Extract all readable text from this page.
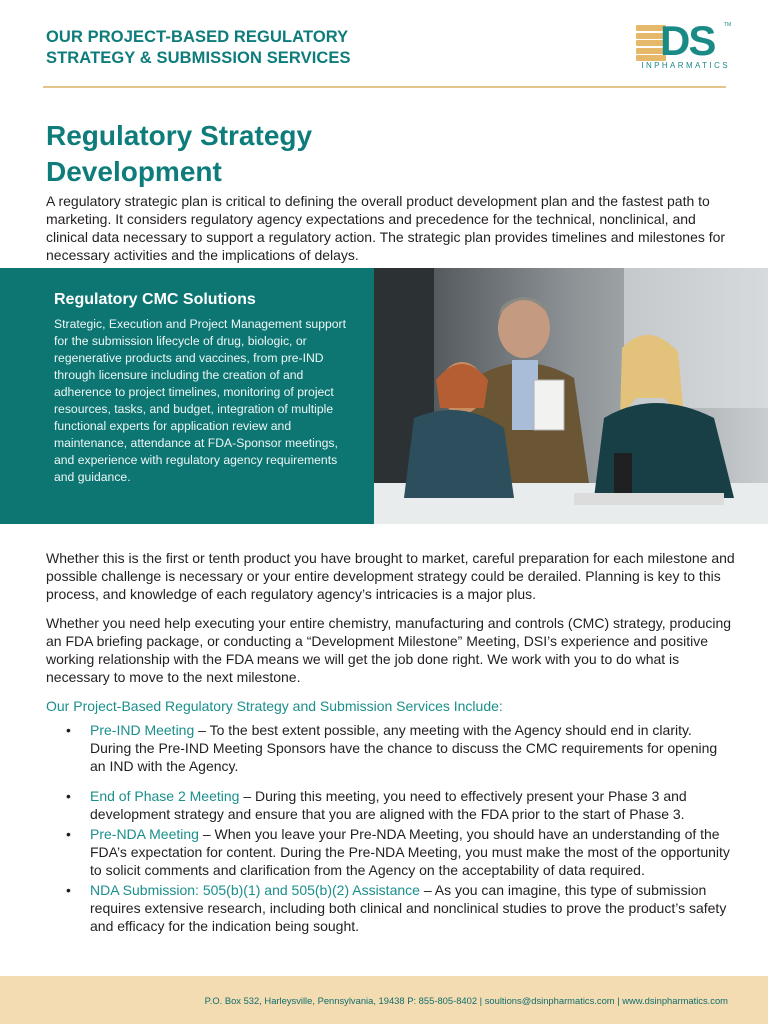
OUR PROJECT-BASED REGULATORY
STRATEGY & SUBMISSION SERVICES	DS TM
INPHARMATICS
Regulatory Strategy
Development

A regulatory strategic plan is critical to defining the overall product development plan and the fastest path to marketing. It considers regulatory agency expectations and precedence for the technical, nonclinical, and clinical data necessary to support a regulatory action. The strategic plan provides timelines and milestones for necessary activities and the implications of delays.

Regulatory CMC Solutions

Strategic, Execution and Project Management support for the submission lifecycle of drug, biologic, or regenerative products and vaccines, from pre-IND through licensure including the creation of and adherence to project timelines, monitoring of project resources, tasks, and budget, integration of multiple functional experts for application review and maintenance, attendance at FDA-Sponsor meetings, and experience with regulatory agency requirements and guidance.

Whether this is the first or tenth product you have brought to market, careful preparation for each milestone and possible challenge is necessary or your entire development strategy could be derailed. Planning is key to this process, and knowledge of each regulatory agency’s intricacies is a major plus.

Whether you need help executing your entire chemistry, manufacturing and controls (CMC) strategy, producing an FDA briefing package, or conducting a “Development Milestone” Meeting, DSI’s experience and positive working relationship with the FDA means we will get the job done right. We work with you to do what is necessary to move to the next milestone.

Our Project-Based Regulatory Strategy and Submission Services Include:

• Pre-IND Meeting – To the best extent possible, any meeting with the Agency should end in clarity. During the Pre-IND Meeting Sponsors have the chance to discuss the CMC requirements for opening an IND with the Agency.
• End of Phase 2 Meeting – During this meeting, you need to effectively present your Phase 3 and development strategy and ensure that you are aligned with the FDA prior to the start of Phase 3.
• Pre-NDA Meeting – When you leave your Pre-NDA Meeting, you should have an understanding of the FDA’s expectation for content. During the Pre-NDA Meeting, you must make the most of the opportunity to solicit comments and clarification from the Agency on the acceptability of data required.
• NDA Submission: 505(b)(1) and 505(b)(2) Assistance – As you can imagine, this type of submission requires extensive research, including both clinical and nonclinical studies to prove the product’s safety and efficacy for the indication being sought.
P.O. Box 532, Harleysville, Pennsylvania, 19438 P: 855-805-8402 | soultions@dsinpharmatics.com | www.dsinpharmatics.com
